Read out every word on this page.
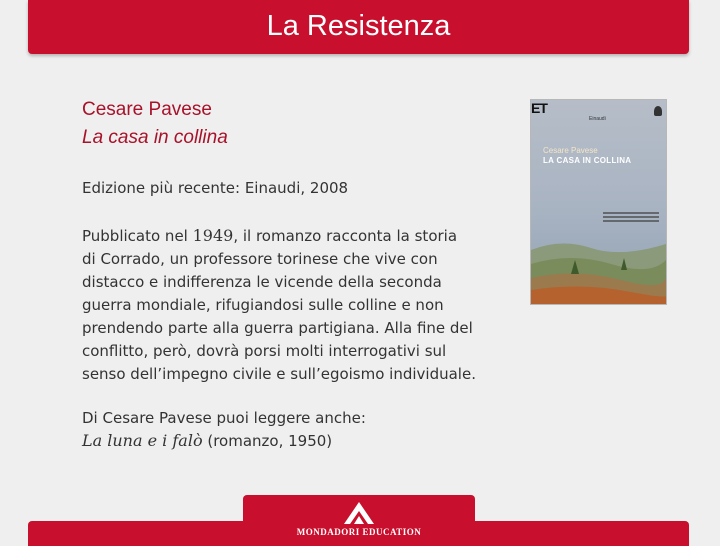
La Resistenza
Cesare Pavese
La casa in collina
Edizione più recente: Einaudi, 2008
Pubblicato nel 1949, il romanzo racconta la storia
di Corrado, un professore torinese che vive con
distacco e indifferenza le vicende della seconda
guerra mondiale, rifugiandosi sulle colline e non
prendendo parte alla guerra partigiana. Alla fine del
conflitto, però, dovrà porsi molti interrogativi sul
senso dell’impegno civile e sull’egoismo individuale.
Di Cesare Pavese puoi leggere anche:
La luna e i falò (romanzo, 1950)
ET
Einaudi
Cesare Pavese
LA CASA IN COLLINA
MONDADORI EDUCATION
